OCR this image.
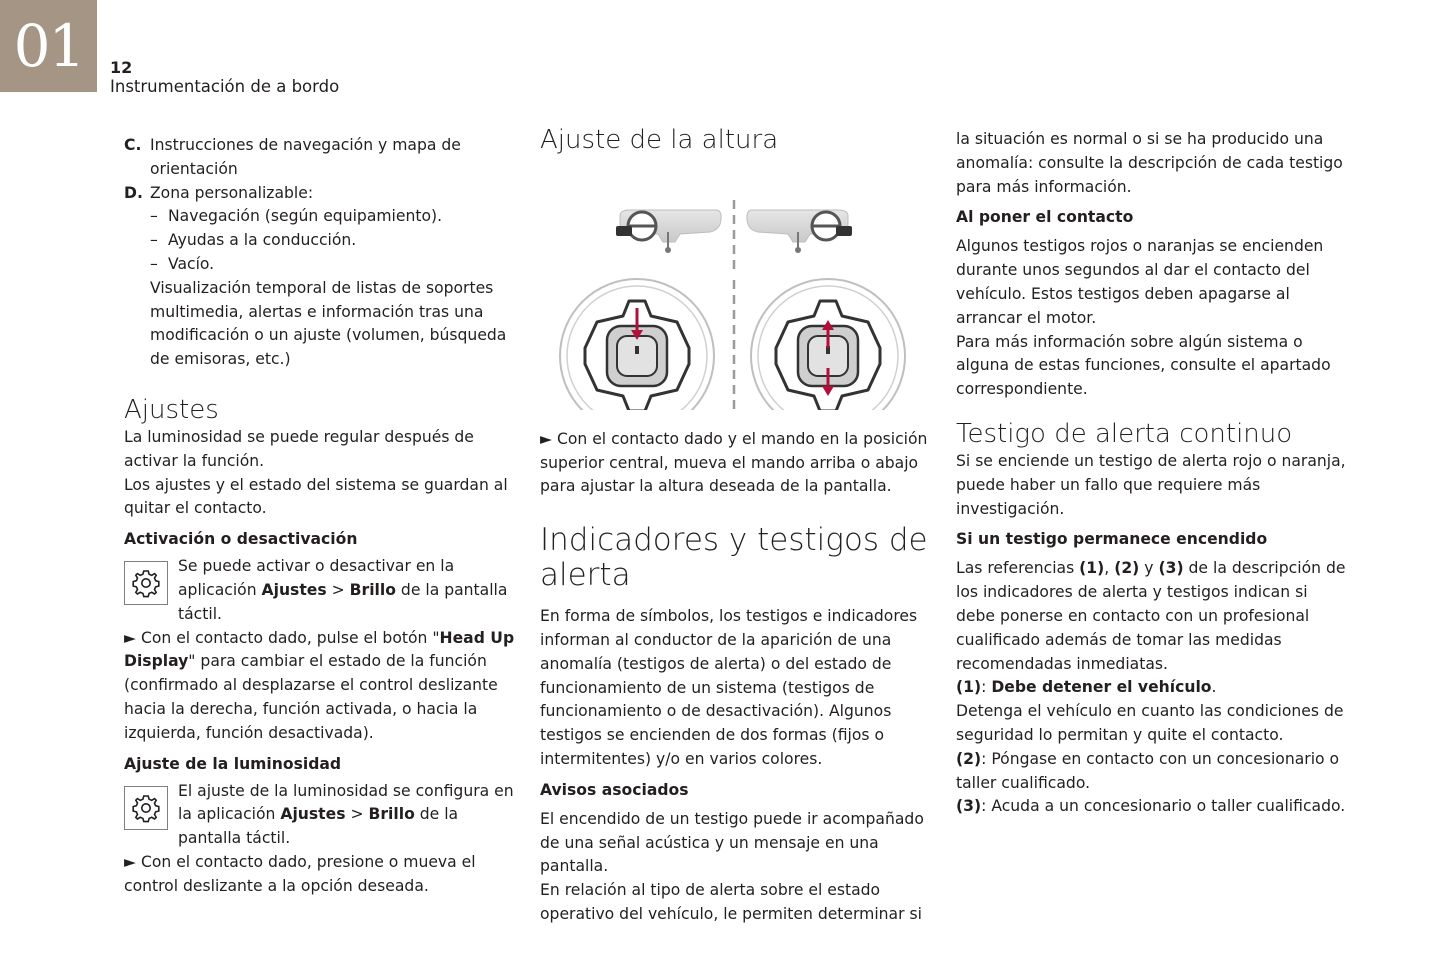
01	12
Instrumentación de a bordo
C. Instrucciones de navegación y mapa de orientación
D. Zona personalizable:
– Navegación (según equipamiento).
– Ayudas a la conducción.
– Vacío.

Visualización temporal de listas de soportes multimedia, alertas e información tras una modificación o un ajuste (volumen, búsqueda de emisoras, etc.)

Ajustes

La luminosidad se puede regular después de activar la función.

Los ajustes y el estado del sistema se guardan al quitar el contacto.

Activación o desactivación

Se puede activar o desactivar en la aplicación Ajustes > Brillo de la pantalla táctil.

► Con el contacto dado, pulse el botón "Head Up Display" para cambiar el estado de la función (confirmado al desplazarse el control deslizante hacia la derecha, función activada, o hacia la izquierda, función desactivada).

Ajuste de la luminosidad

El ajuste de la luminosidad se configura en la aplicación Ajustes > Brillo de la pantalla táctil.

► Con el contacto dado, presione o mueva el control deslizante a la opción deseada.

Ajuste de la altura

► Con el contacto dado y el mando en la posición superior central, mueva el mando arriba o abajo para ajustar la altura deseada de la pantalla.

Indicadores y testigos de alerta

En forma de símbolos, los testigos e indicadores informan al conductor de la aparición de una anomalía (testigos de alerta) o del estado de funcionamiento de un sistema (testigos de funcionamiento o de desactivación). Algunos testigos se encienden de dos formas (fijos o intermitentes) y/o en varios colores.

Avisos asociados

El encendido de un testigo puede ir acompañado de una señal acústica y un mensaje en una pantalla.

En relación al tipo de alerta sobre el estado operativo del vehículo, le permiten determinar si

la situación es normal o si se ha producido una anomalía: consulte la descripción de cada testigo para más información.

Al poner el contacto

Algunos testigos rojos o naranjas se encienden durante unos segundos al dar el contacto del vehículo. Estos testigos deben apagarse al arrancar el motor.

Para más información sobre algún sistema o alguna de estas funciones, consulte el apartado correspondiente.

Testigo de alerta continuo

Si se enciende un testigo de alerta rojo o naranja, puede haber un fallo que requiere más investigación.

Si un testigo permanece encendido

Las referencias (1), (2) y (3) de la descripción de los indicadores de alerta y testigos indican si debe ponerse en contacto con un profesional cualificado además de tomar las medidas recomendadas inmediatas.

(1): Debe detener el vehículo.

Detenga el vehículo en cuanto las condiciones de seguridad lo permitan y quite el contacto.

(2): Póngase en contacto con un concesionario o taller cualificado.

(3): Acuda a un concesionario o taller cualificado.
